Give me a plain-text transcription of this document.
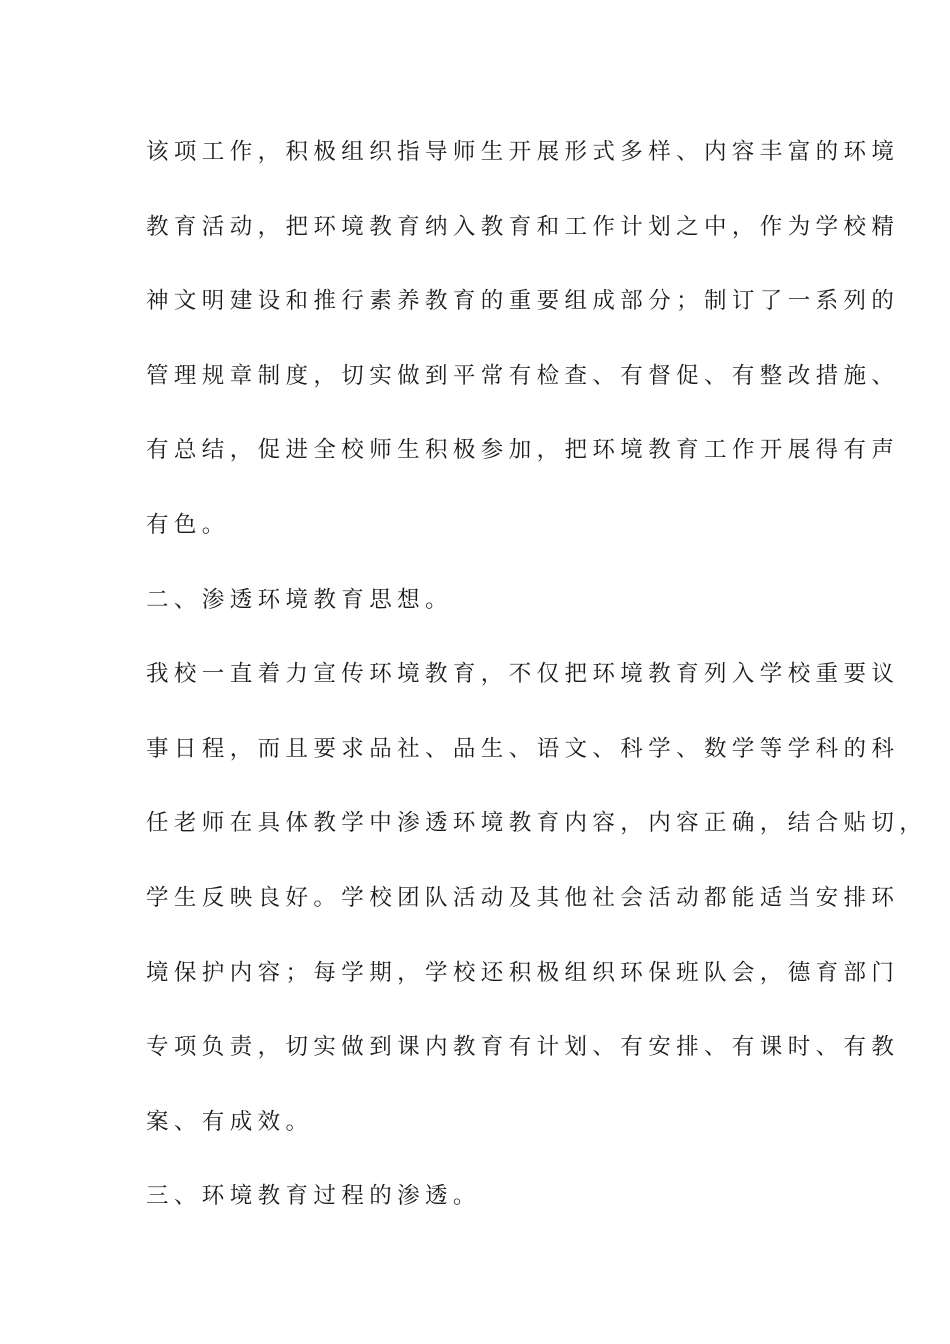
该项工作，积极组织指导师生开展形式多样、内容丰富的环境
教育活动，把环境教育纳入教育和工作计划之中，作为学校精
神文明建设和推行素养教育的重要组成部分；制订了一系列的
管理规章制度，切实做到平常有检查、有督促、有整改措施、
有总结，促进全校师生积极参加，把环境教育工作开展得有声
有色。
二、渗透环境教育思想。
我校一直着力宣传环境教育，不仅把环境教育列入学校重要议
事日程，而且要求品社、品生、语文、科学、数学等学科的科
任老师在具体教学中渗透环境教育内容，内容正确，结合贴切，
学生反映良好。学校团队活动及其他社会活动都能适当安排环
境保护内容；每学期，学校还积极组织环保班队会，德育部门
专项负责，切实做到课内教育有计划、有安排、有课时、有教
案、有成效。
三、环境教育过程的渗透。
